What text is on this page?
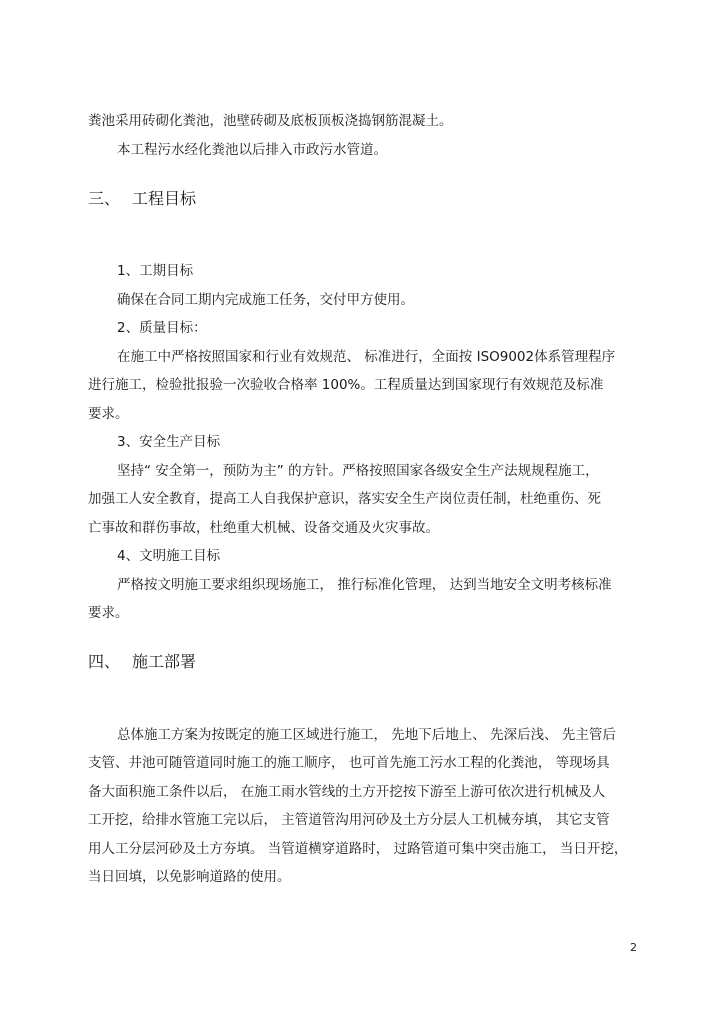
粪池采用砖砌化粪池，池壁砖砌及底板顶板浇捣钢筋混凝土。
本工程污水经化粪池以后排入市政污水管道。
三、 工程目标
1、工期目标
确保在合同工期内完成施工任务，交付甲方使用。
2、质量目标：
在施工中严格按照国家和行业有效规范、 标准进行，全面按 ISO9002体系管理程序
进行施工，检验批报验一次验收合格率 100%。工程质量达到国家现行有效规范及标准
要求。
3、安全生产目标
坚持“ 安全第一，预防为主” 的方针。严格按照国家各级安全生产法规规程施工，
加强工人安全教育，提高工人自我保护意识，落实安全生产岗位责任制，杜绝重伤、死
亡事故和群伤事故，杜绝重大机械、设备交通及火灾事故。
4、文明施工目标
严格按文明施工要求组织现场施工， 推行标准化管理， 达到当地安全文明考核标准
要求。
四、 施工部署
总体施工方案为按既定的施工区域进行施工， 先地下后地上、 先深后浅、 先主管后
支管、井池可随管道同时施工的施工顺序， 也可首先施工污水工程的化粪池， 等现场具
备大面积施工条件以后， 在施工雨水管线的土方开挖按下游至上游可依次进行机械及人
工开挖，给排水管施工完以后， 主管道管沟用河砂及土方分层人工机械夯填， 其它支管
用人工分层河砂及土方夯填。 当管道横穿道路时， 过路管道可集中突击施工， 当日开挖，
当日回填，以免影响道路的使用。
2
